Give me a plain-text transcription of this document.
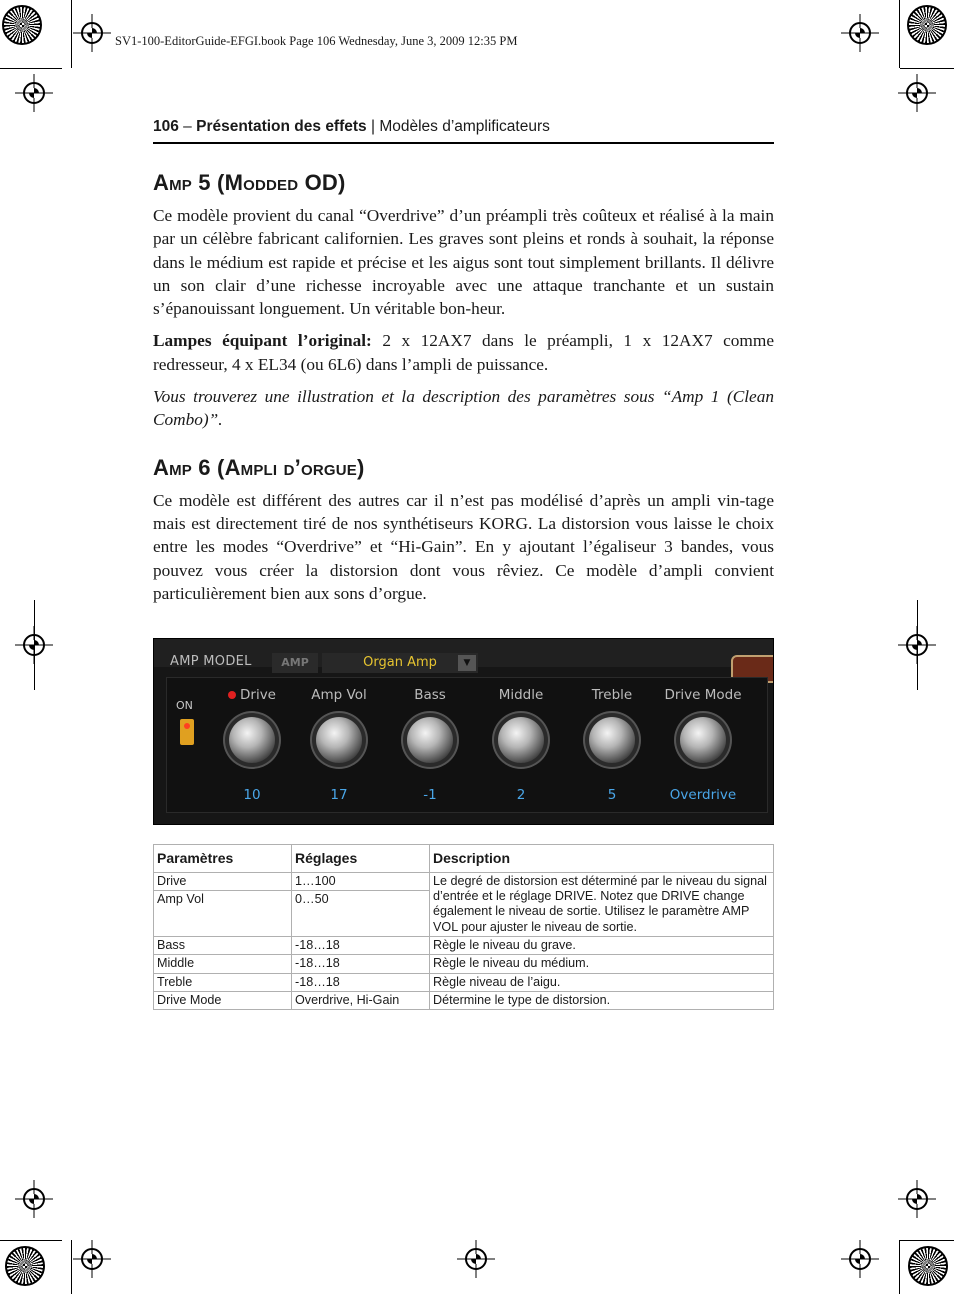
SV1-100-EditorGuide-EFGI.book Page 106 Wednesday, June 3, 2009 12:35 PM
106 – Présentation des effets | Modèles d’amplificateurs
Amp 5 (Modded OD)

Ce modèle provient du canal “Overdrive” d’un préampli très coûteux et réalisé à la main par un célèbre fabricant californien. Les graves sont pleins et ronds à souhait, la réponse dans le médium est rapide et précise et les aigus sont tout simplement brillants. Il délivre un son clair d’une richesse incroyable avec une attaque tranchante et un sustain s’épanouissant longuement. Un véritable bon-heur.

Lampes équipant l’original: 2 x 12AX7 dans le préampli, 1 x 12AX7 comme redresseur, 4 x EL34 (ou 6L6) dans l’ampli de puissance.

Vous trouverez une illustration et la description des paramètres sous “Amp 1 (Clean Combo)”.

Amp 6 (Ampli d’orgue)

Ce modèle est différent des autres car il n’est pas modélisé d’après un ampli vin-tage mais est directement tiré de nos synthétiseurs KORG. La distorsion vous laisse le choix entre les modes “Overdrive” et “Hi-Gain”. En y ajoutant l’égaliseur 3 bandes, vous pouvez vous créer la distorsion dont vous rêviez. Ce modèle d’ampli convient particulièrement bien aux sons d’orgue.

AMP MODEL	AMP	Organ Amp	▼
ON
Drive
10
Amp Vol
17
Bass
-1
Middle
2
Treble
5
Drive Mode
Overdrive
Paramètres	Réglages	Description
Drive	1…100	Le degré de distorsion est déterminé par le niveau du signal d’entrée et le réglage DRIVE. Notez que DRIVE change également le niveau de sortie. Utilisez le paramètre AMP VOL pour ajuster le niveau de sortie.
Amp Vol	0…50	
Bass	-18…18	Règle le niveau du grave.
Middle	-18…18	Règle le niveau du médium.
Treble	-18…18	Règle niveau de l’aigu.
Drive Mode	Overdrive, Hi-Gain	Détermine le type de distorsion.
